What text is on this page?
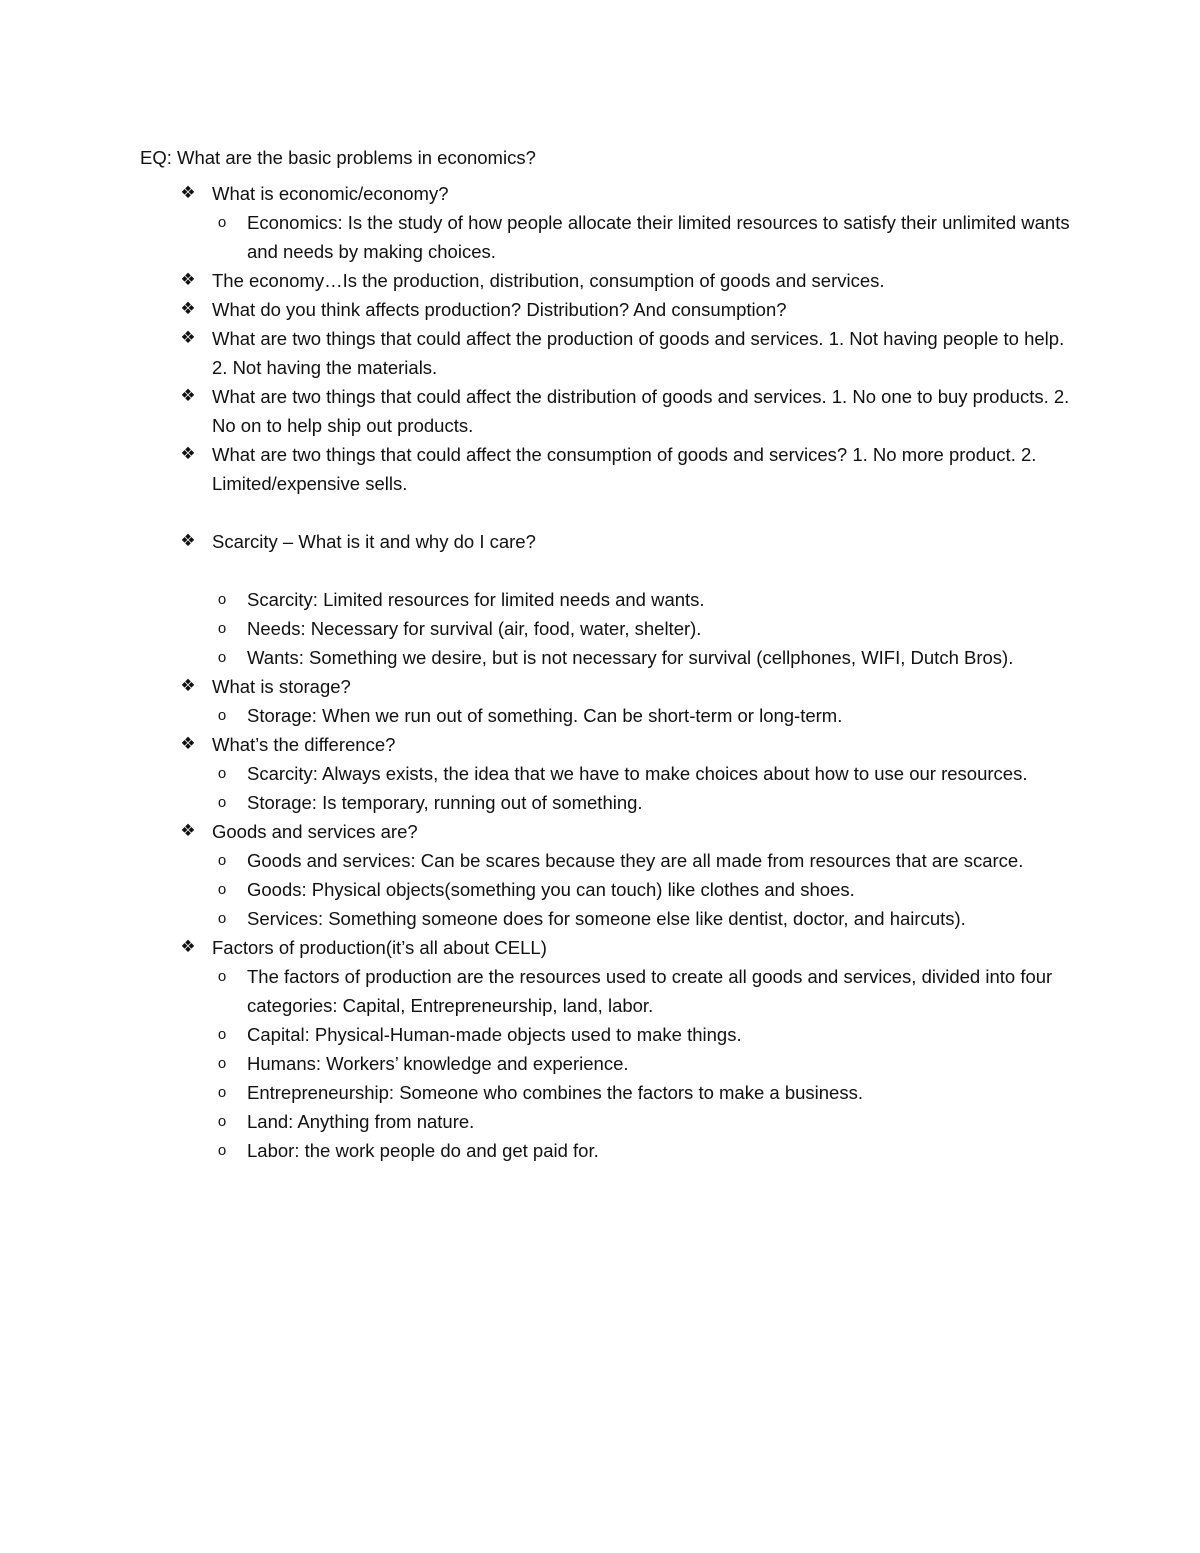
EQ: What are the basic problems in economics?
❖ What is economic/economy?
o	Economics: Is the study of how people allocate their limited resources to satisfy their unlimited wants and needs by making choices.
❖ The economy…Is the production, distribution, consumption of goods and services.
❖ What do you think affects production? Distribution? And consumption?
❖ What are two things that could affect the production of goods and services. 1. Not having people to help. 2. Not having the materials.
❖ What are two things that could affect the distribution of goods and services. 1. No one to buy products. 2. No on to help ship out products.
❖ What are two things that could affect the consumption of goods and services? 1. No more product. 2. Limited/expensive sells.
❖ Scarcity – What is it and why do I care?
o	Scarcity: Limited resources for limited needs and wants.
o	Needs: Necessary for survival (air, food, water, shelter).
o	Wants: Something we desire, but is not necessary for survival (cellphones, WIFI, Dutch Bros).
❖ What is storage?
o	Storage: When we run out of something. Can be short-term or long-term.
❖ What’s the difference?
o	Scarcity: Always exists, the idea that we have to make choices about how to use our resources.
o	Storage: Is temporary, running out of something.
❖ Goods and services are?
o	Goods and services: Can be scares because they are all made from resources that are scarce.
o	Goods: Physical objects(something you can touch) like clothes and shoes.
o	Services: Something someone does for someone else like dentist, doctor, and haircuts).
❖ Factors of production(it’s all about CELL)
o	The factors of production are the resources used to create all goods and services, divided into four categories: Capital, Entrepreneurship, land, labor.
o	Capital: Physical-Human-made objects used to make things.
o	Humans: Workers’ knowledge and experience.
o	Entrepreneurship: Someone who combines the factors to make a business.
o	Land: Anything from nature.
o	Labor: the work people do and get paid for.
